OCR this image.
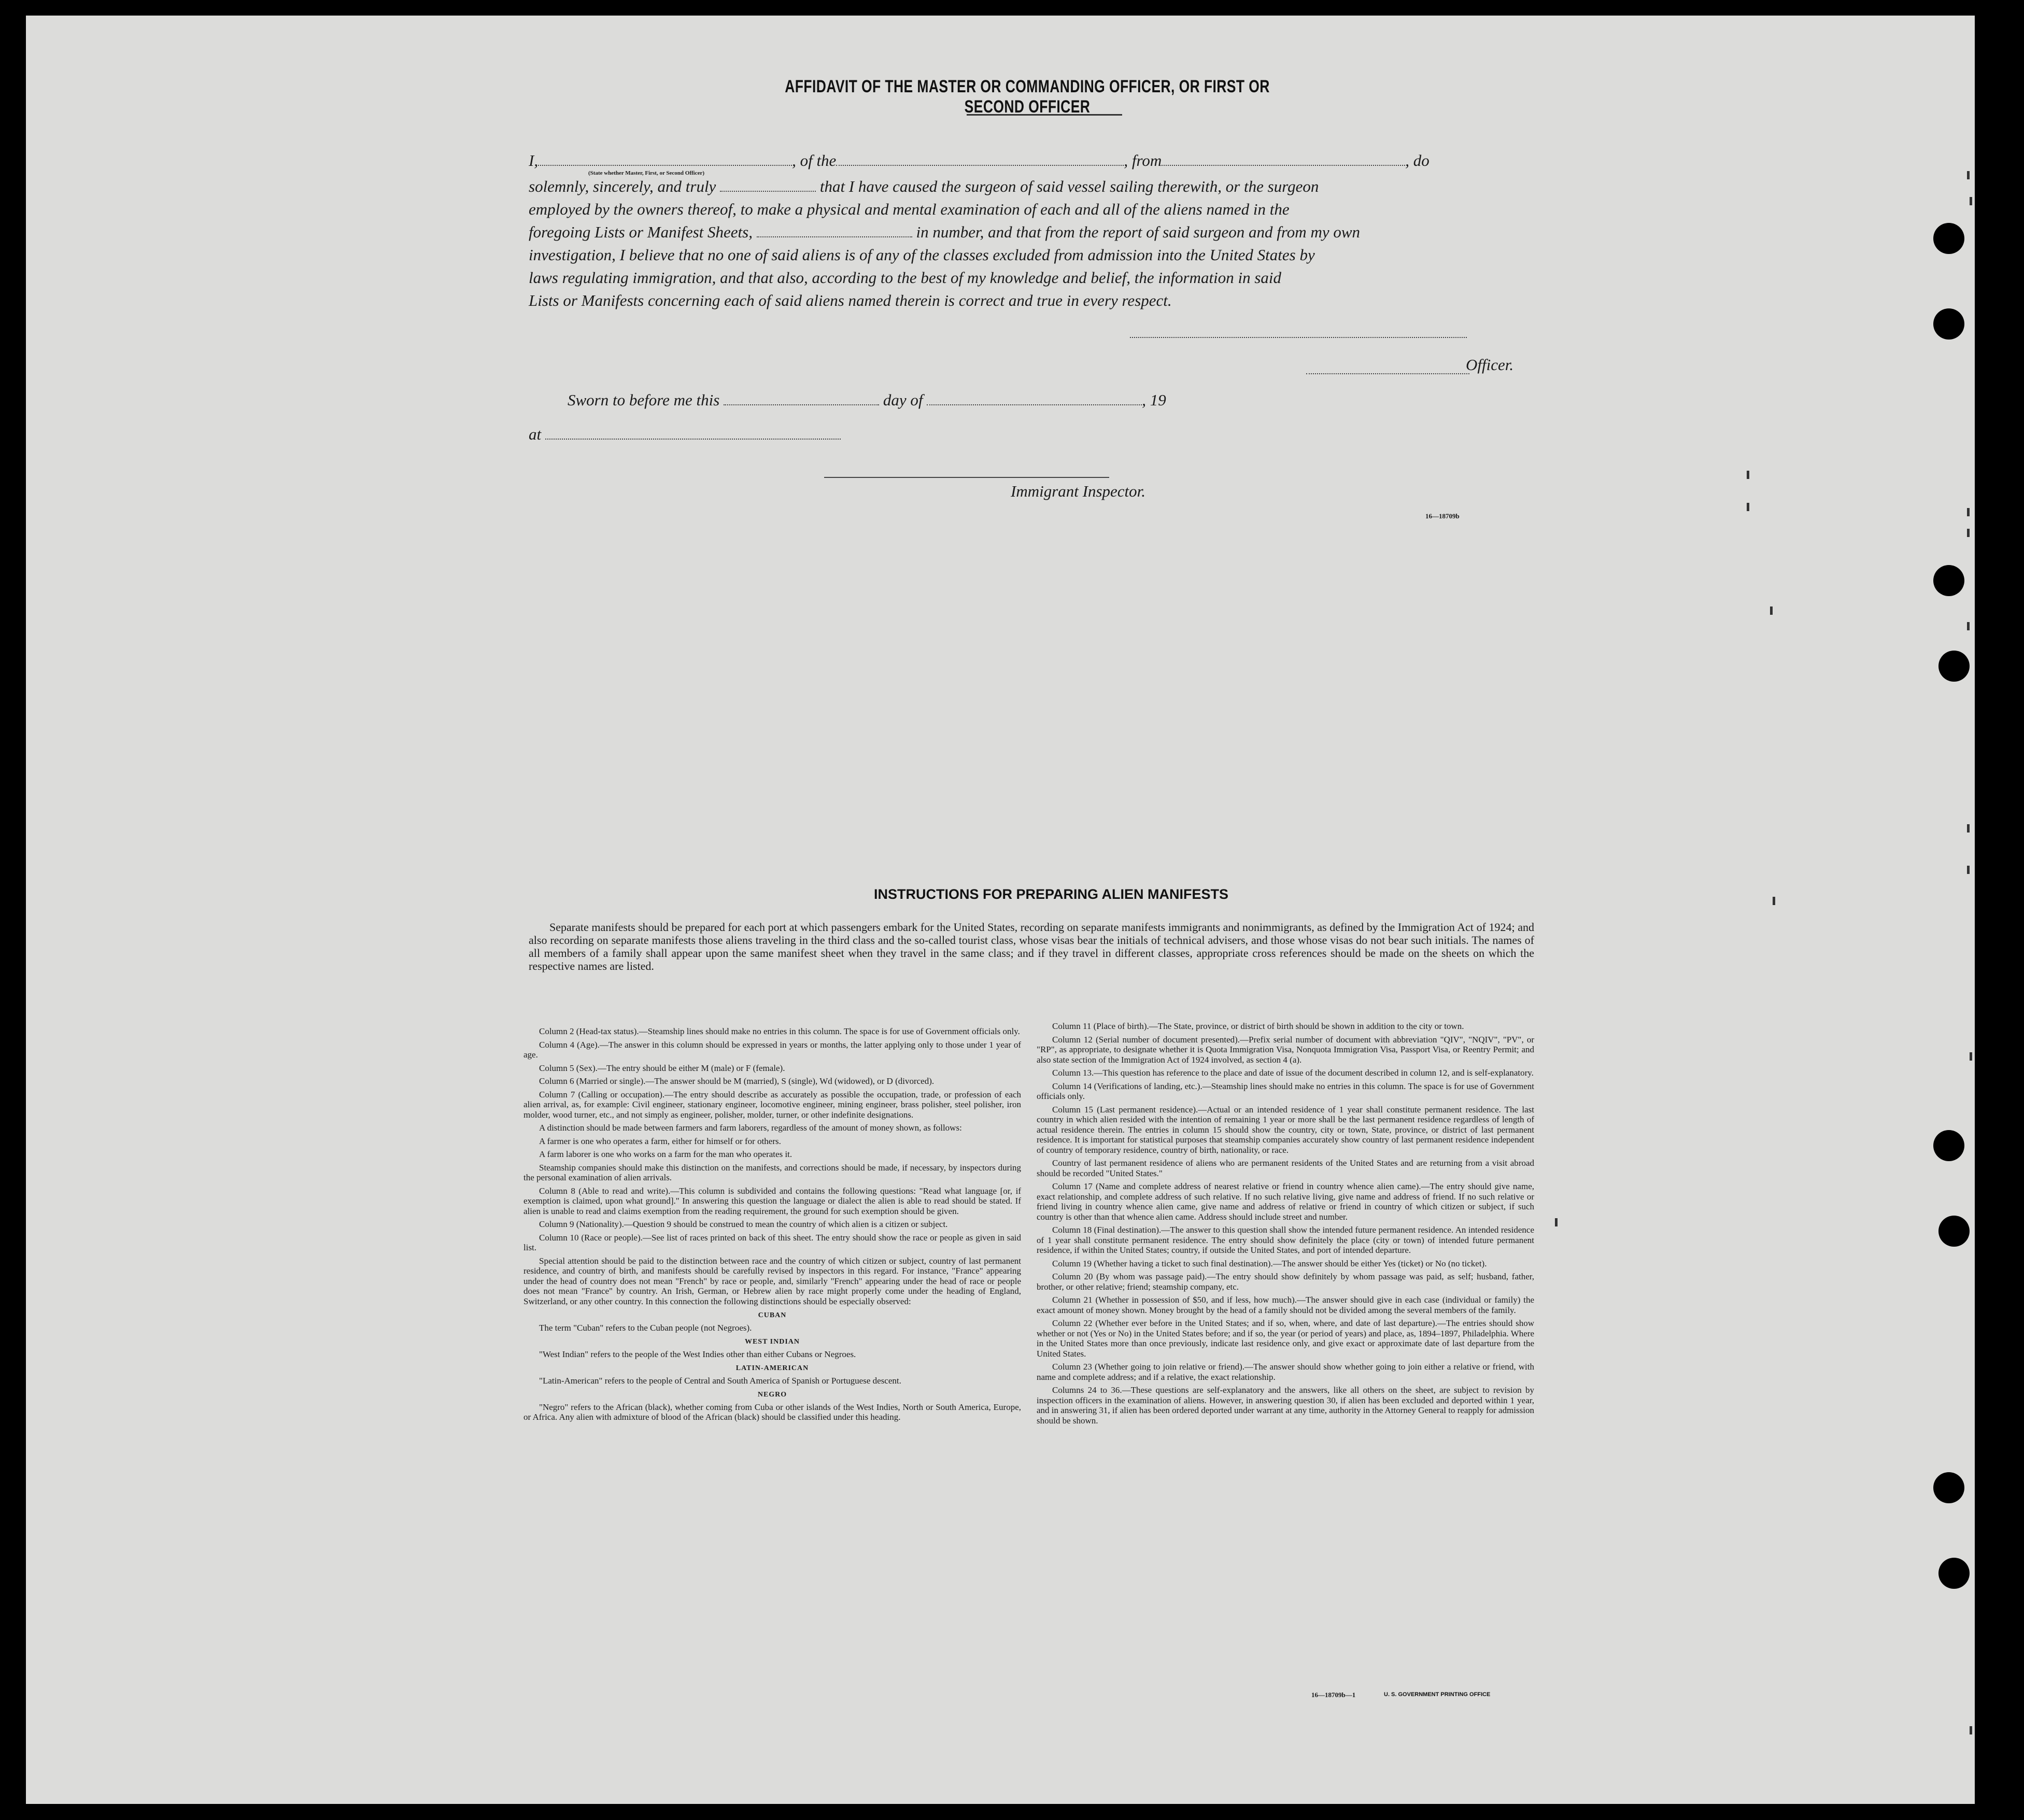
AFFIDAVIT OF THE MASTER OR COMMANDING OFFICER, OR FIRST OR SECOND OFFICER
I,	, of the	, from	, do
(State whether Master, First, or Second Officer)
solemnly, sincerely, and truly	that I have caused the surgeon of said vessel sailing therewith, or the surgeon
employed by the owners thereof, to make a physical and mental examination of each and all of the aliens named in the
foregoing Lists or Manifest Sheets,	in number, and that from the report of said surgeon and from my own
investigation, I believe that no one of said aliens is of any of the classes excluded from admission into the United States by
laws regulating immigration, and that also, according to the best of my knowledge and belief, the information in said
Lists or Manifests concerning each of said aliens named therein is correct and true in every respect.
Officer.
Sworn to before me this	day of	, 19
at
Immigrant Inspector.
16—18709b
INSTRUCTIONS FOR PREPARING ALIEN MANIFESTS
Separate manifests should be prepared for each port at which passengers embark for the United States, recording on separate manifests immigrants and nonimmigrants, as defined by the Immigration Act of 1924; and also recording on separate manifests those aliens traveling in the third class and the so-called tourist class, whose visas bear the initials of technical advisers, and those whose visas do not bear such initials. The names of all members of a family shall appear upon the same manifest sheet when they travel in the same class; and if they travel in different classes, appropriate cross references should be made on the sheets on which the respective names are listed.

Column 2 (Head-tax status).—Steamship lines should make no entries in this column. The space is for use of Government officials only.

Column 4 (Age).—The answer in this column should be expressed in years or months, the latter applying only to those under 1 year of age.

Column 5 (Sex).—The entry should be either M (male) or F (female).

Column 6 (Married or single).—The answer should be M (married), S (single), Wd (widowed), or D (divorced).

Column 7 (Calling or occupation).—The entry should describe as accurately as possible the occupation, trade, or profession of each alien arrival, as, for example: Civil engineer, stationary engineer, locomotive engineer, mining engineer, brass polisher, steel polisher, iron molder, wood turner, etc., and not simply as engineer, polisher, molder, turner, or other indefinite designations.

A distinction should be made between farmers and farm laborers, regardless of the amount of money shown, as follows:

A farmer is one who operates a farm, either for himself or for others.

A farm laborer is one who works on a farm for the man who operates it.

Steamship companies should make this distinction on the manifests, and corrections should be made, if necessary, by inspectors during the personal examination of alien arrivals.

Column 8 (Able to read and write).—This column is subdivided and contains the following questions: "Read what language [or, if exemption is claimed, upon what ground]." In answering this question the language or dialect the alien is able to read should be stated. If alien is unable to read and claims exemption from the reading requirement, the ground for such exemption should be given.

Column 9 (Nationality).—Question 9 should be construed to mean the country of which alien is a citizen or subject.

Column 10 (Race or people).—See list of races printed on back of this sheet. The entry should show the race or people as given in said list.

Special attention should be paid to the distinction between race and the country of which citizen or subject, country of last permanent residence, and country of birth, and manifests should be carefully revised by inspectors in this regard. For instance, "France" appearing under the head of country does not mean "French" by race or people, and, similarly "French" appearing under the head of race or people does not mean "France" by country. An Irish, German, or Hebrew alien by race might properly come under the heading of England, Switzerland, or any other country. In this connection the following distinctions should be especially observed:

CUBAN

The term "Cuban" refers to the Cuban people (not Negroes).

WEST INDIAN

"West Indian" refers to the people of the West Indies other than either Cubans or Negroes.

LATIN-AMERICAN

"Latin-American" refers to the people of Central and South America of Spanish or Portuguese descent.

NEGRO

"Negro" refers to the African (black), whether coming from Cuba or other islands of the West Indies, North or South America, Europe, or Africa. Any alien with admixture of blood of the African (black) should be classified under this heading.

Column 11 (Place of birth).—The State, province, or district of birth should be shown in addition to the city or town.

Column 12 (Serial number of document presented).—Prefix serial number of document with abbreviation "QIV", "NQIV", "PV", or "RP", as appropriate, to designate whether it is Quota Immigration Visa, Nonquota Immigration Visa, Passport Visa, or Reentry Permit; and also state section of the Immigration Act of 1924 involved, as section 4 (a).

Column 13.—This question has reference to the place and date of issue of the document described in column 12, and is self-explanatory.

Column 14 (Verifications of landing, etc.).—Steamship lines should make no entries in this column. The space is for use of Government officials only.

Column 15 (Last permanent residence).—Actual or an intended residence of 1 year shall constitute permanent residence. The last country in which alien resided with the intention of remaining 1 year or more shall be the last permanent residence regardless of length of actual residence therein. The entries in column 15 should show the country, city or town, State, province, or district of last permanent residence. It is important for statistical purposes that steamship companies accurately show country of last permanent residence independent of country of temporary residence, country of birth, nationality, or race.

Country of last permanent residence of aliens who are permanent residents of the United States and are returning from a visit abroad should be recorded "United States."

Column 17 (Name and complete address of nearest relative or friend in country whence alien came).—The entry should give name, exact relationship, and complete address of such relative. If no such relative living, give name and address of friend. If no such relative or friend living in country whence alien came, give name and address of relative or friend in country of which citizen or subject, if such country is other than that whence alien came. Address should include street and number.

Column 18 (Final destination).—The answer to this question shall show the intended future permanent residence. An intended residence of 1 year shall constitute permanent residence. The entry should show definitely the place (city or town) of intended future permanent residence, if within the United States; country, if outside the United States, and port of intended departure.

Column 19 (Whether having a ticket to such final destination).—The answer should be either Yes (ticket) or No (no ticket).

Column 20 (By whom was passage paid).—The entry should show definitely by whom passage was paid, as self; husband, father, brother, or other relative; friend; steamship company, etc.

Column 21 (Whether in possession of $50, and if less, how much).—The answer should give in each case (individual or family) the exact amount of money shown. Money brought by the head of a family should not be divided among the several members of the family.

Column 22 (Whether ever before in the United States; and if so, when, where, and date of last departure).—The entries should show whether or not (Yes or No) in the United States before; and if so, the year (or period of years) and place, as, 1894–1897, Philadelphia. Where in the United States more than once previously, indicate last residence only, and give exact or approximate date of last departure from the United States.

Column 23 (Whether going to join relative or friend).—The answer should show whether going to join either a relative or friend, with name and complete address; and if a relative, the exact relationship.

Columns 24 to 36.—These questions are self-explanatory and the answers, like all others on the sheet, are subject to revision by inspection officers in the examination of aliens. However, in answering question 30, if alien has been excluded and deported within 1 year, and in answering 31, if alien has been ordered deported under warrant at any time, authority in the Attorney General to reapply for admission should be shown.

16—18709b—1	U. S. GOVERNMENT PRINTING OFFICE
